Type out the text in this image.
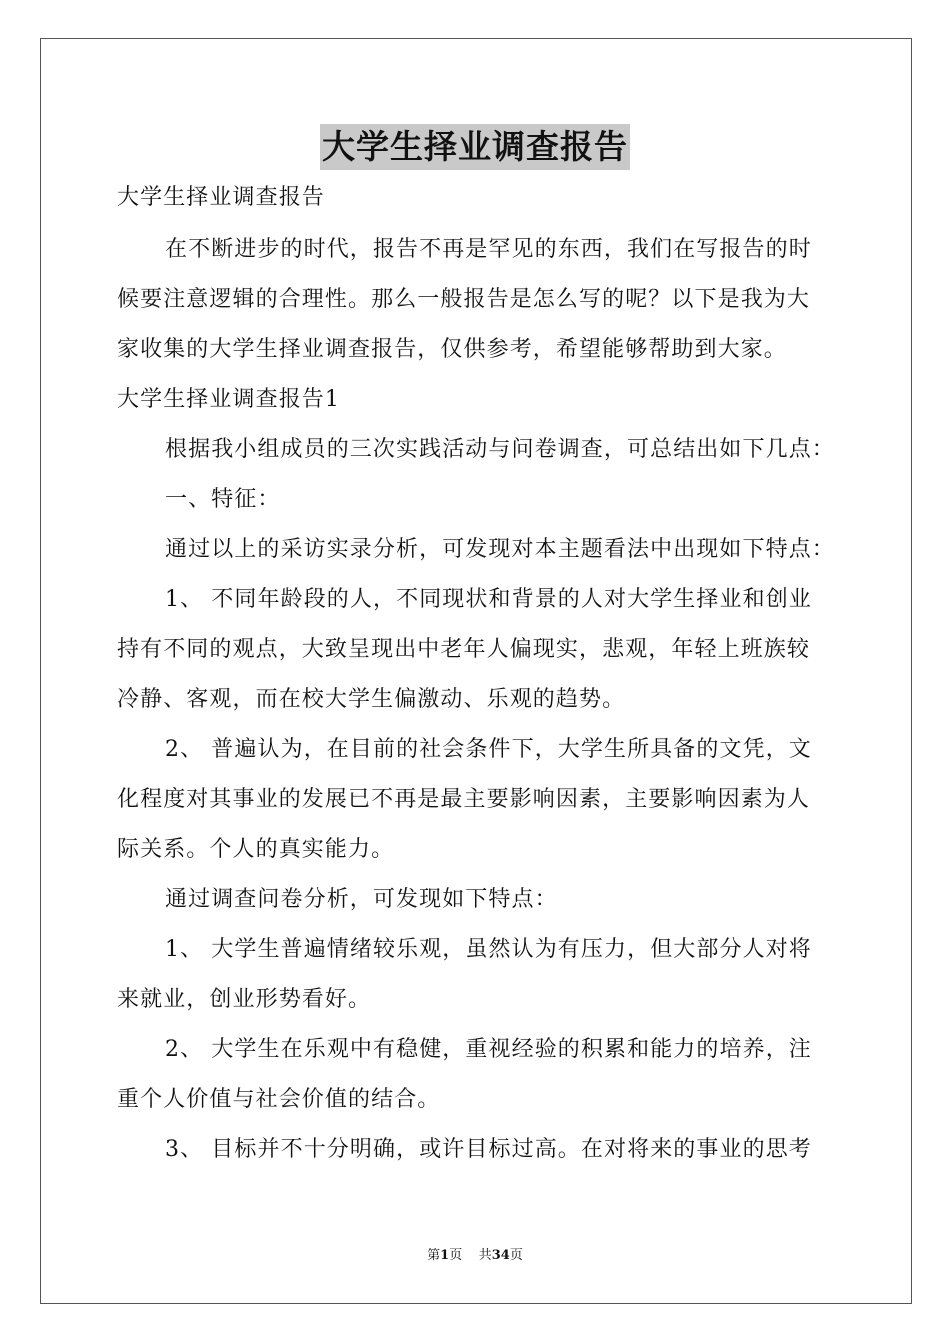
大学生择业调查报告
大学生择业调查报告
在不断进步的时代，报告不再是罕见的东西，我们在写报告的时
候要注意逻辑的合理性。那么一般报告是怎么写的呢？以下是我为大
家收集的大学生择业调查报告，仅供参考，希望能够帮助到大家。
大学生择业调查报告1
根据我小组成员的三次实践活动与问卷调查，可总结出如下几点：
一、特征：
通过以上的采访实录分析，可发现对本主题看法中出现如下特点：
1、 不同年龄段的人，不同现状和背景的人对大学生择业和创业
持有不同的观点，大致呈现出中老年人偏现实，悲观，年轻上班族较
冷静、客观，而在校大学生偏激动、乐观的趋势。
2、 普遍认为，在目前的社会条件下，大学生所具备的文凭，文
化程度对其事业的发展已不再是最主要影响因素，主要影响因素为人
际关系。个人的真实能力。
通过调查问卷分析，可发现如下特点：
1、 大学生普遍情绪较乐观，虽然认为有压力，但大部分人对将
来就业，创业形势看好。
2、 大学生在乐观中有稳健，重视经验的积累和能力的培养，注
重个人价值与社会价值的结合。
3、 目标并不十分明确，或许目标过高。在对将来的事业的思考
第1页 共34页
